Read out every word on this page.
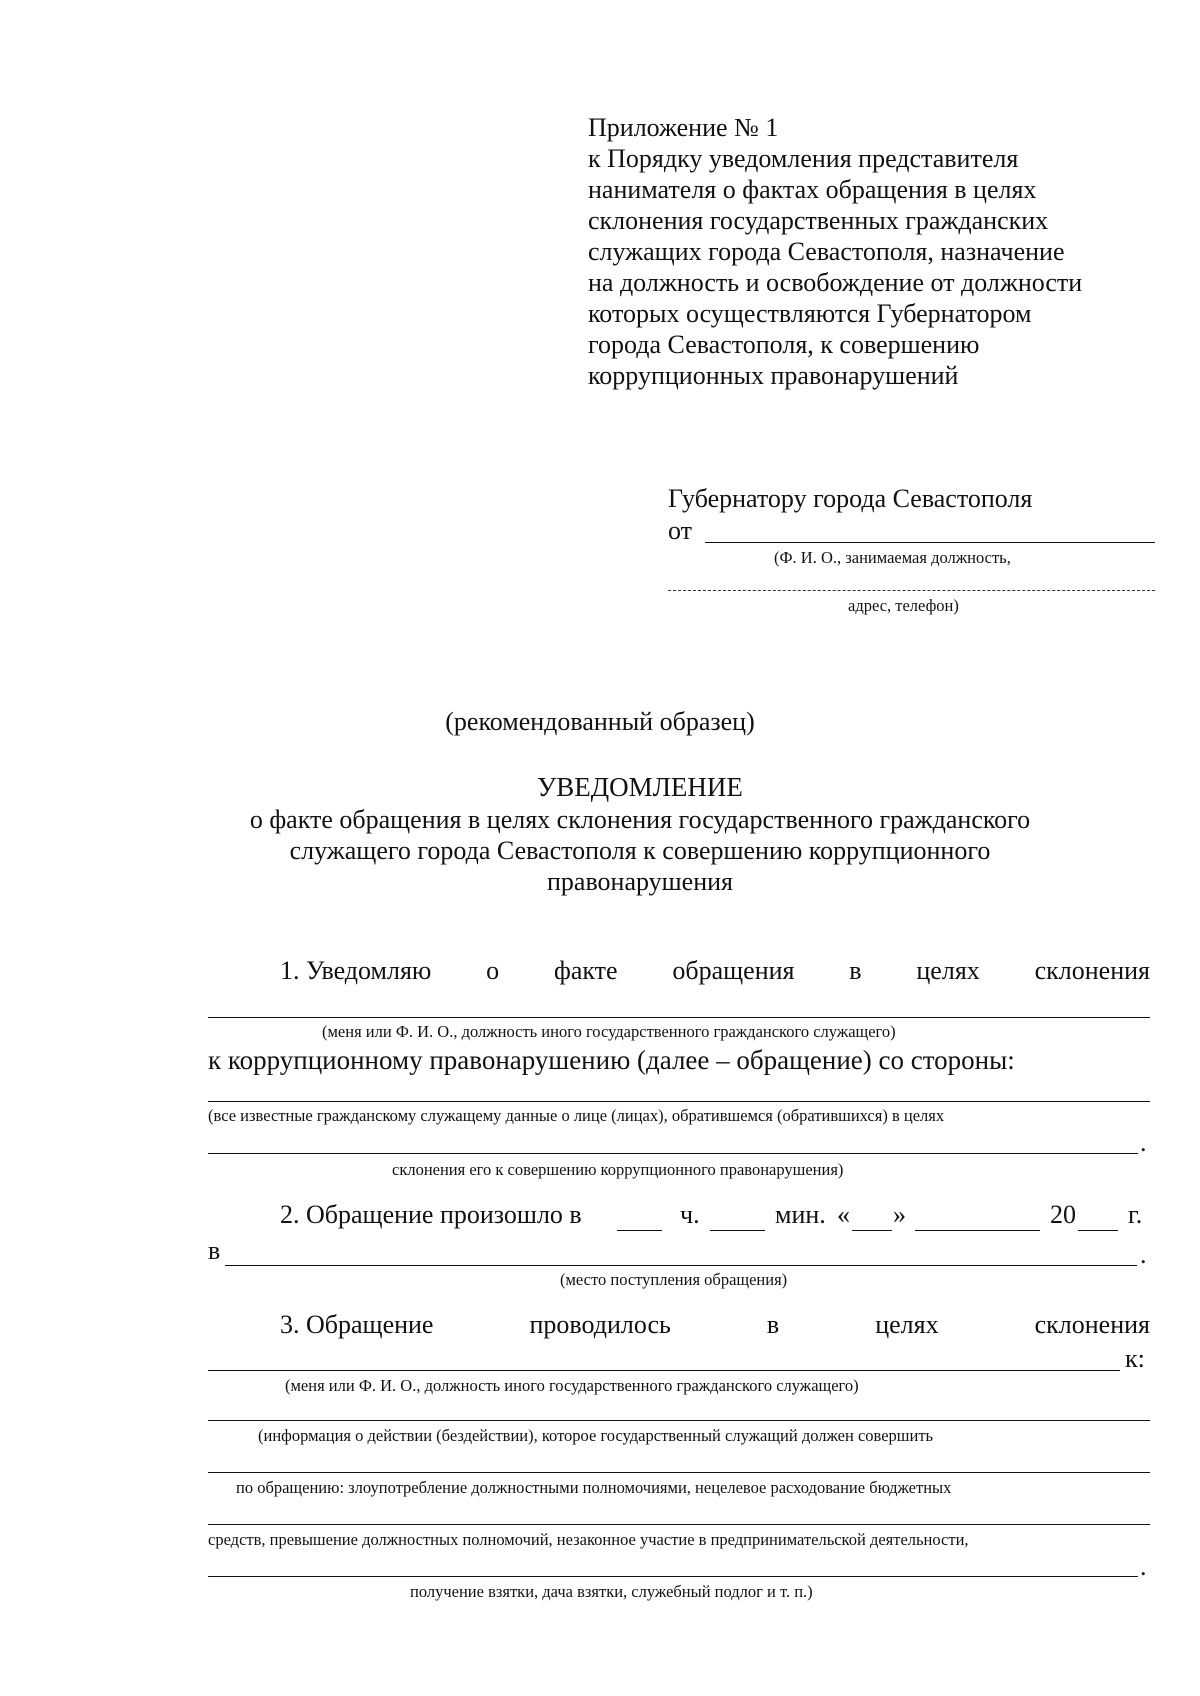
Приложение № 1
к Порядку уведомления представителя
нанимателя о фактах обращения в целях
склонения государственных гражданских
служащих города Севастополя, назначение
на должность и освобождение от должности
которых осуществляются Губернатором
города Севастополя, к совершению
коррупционных правонарушений
Губернатору города Севастополя
от
(Ф. И. О., занимаемая должность,
адрес, телефон)
(рекомендованный образец)
УВЕДОМЛЕНИЕ
о факте обращения в целях склонения государственного гражданского
служащего города Севастополя к совершению коррупционного
правонарушения
1. Уведомляю о факте обращения в целях склонения
(меня или Ф. И. О., должность иного государственного гражданского служащего)
к коррупционному правонарушению (далее – обращение) со стороны:
(все известные гражданскому служащему данные о лице (лицах), обратившемся (обратившихся) в целях
.
склонения его к совершению коррупционного правонарушения)
2. Обращение произошло в	ч.	мин. « »	20 г.
в	.
(место поступления обращения)
3. Обращение	проводилось	в	целях	склонения
к:
(меня или Ф. И. О., должность иного государственного гражданского служащего)
(информация о действии (бездействии), которое государственный служащий должен совершить
по обращению: злоупотребление должностными полномочиями, нецелевое расходование бюджетных
средств, превышение должностных полномочий, незаконное участие в предпринимательской деятельности,
.
получение взятки, дача взятки, служебный подлог и т. п.)
